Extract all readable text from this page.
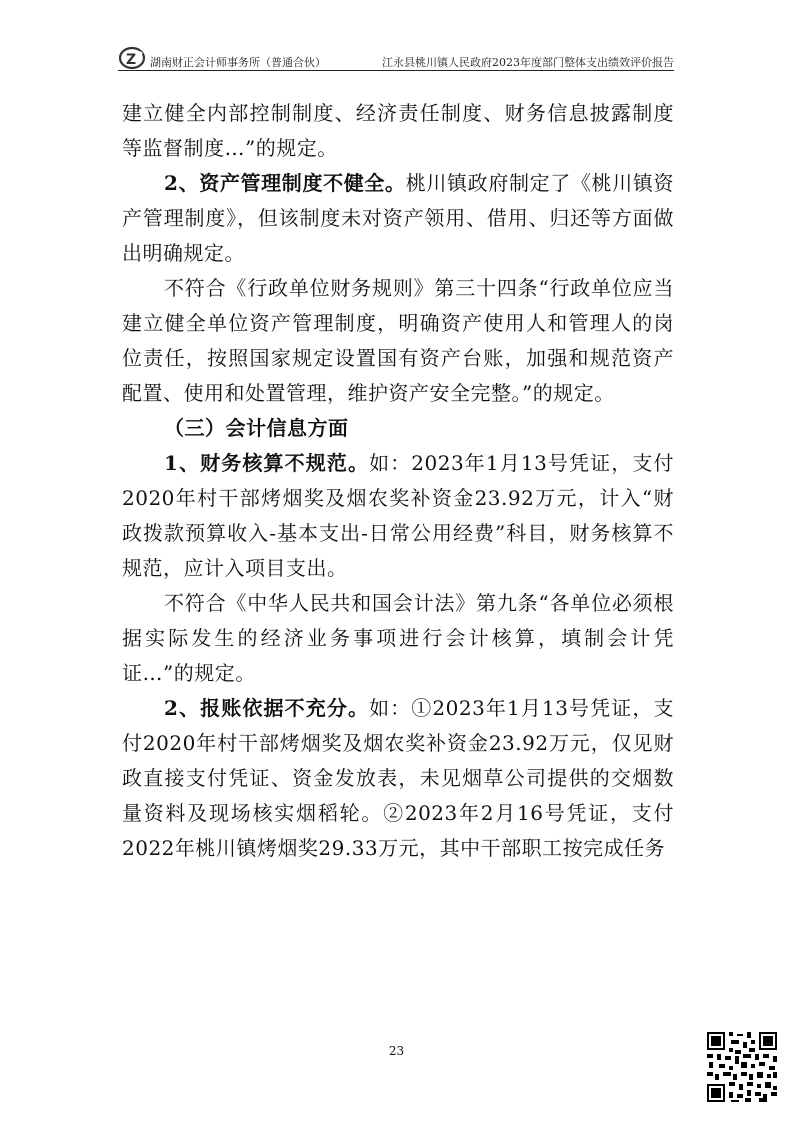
Z 湖南财正会计师事务所（普通合伙）	江永县桃川镇人民政府2023年度部门整体支出绩效评价报告

建立健全内部控制制度、经济责任制度、财务信息披露制度等监督制度…”的规定。

2、资产管理制度不健全。桃川镇政府制定了《桃川镇资产管理制度》，但该制度未对资产领用、借用、归还等方面做出明确规定。

不符合《行政单位财务规则》第三十四条“行政单位应当建立健全单位资产管理制度，明确资产使用人和管理人的岗位责任，按照国家规定设置国有资产台账，加强和规范资产配置、使用和处置管理，维护资产安全完整。”的规定。

（三）会计信息方面

1、财务核算不规范。如：2023年1月13号凭证，支付2020年村干部烤烟奖及烟农奖补资金23.92万元，计入“财政拨款预算收入-基本支出-日常公用经费”科目，财务核算不规范，应计入项目支出。

不符合《中华人民共和国会计法》第九条“各单位必须根据实际发生的经济业务事项进行会计核算，填制会计凭证…”的规定。

2、报账依据不充分。如：①2023年1月13号凭证，支付2020年村干部烤烟奖及烟农奖补资金23.92万元，仅见财政直接支付凭证、资金发放表，未见烟草公司提供的交烟数量资料及现场核实烟稻轮。②2023年2月16号凭证，支付2022年桃川镇烤烟奖29.33万元，其中干部职工按完成任务

23
